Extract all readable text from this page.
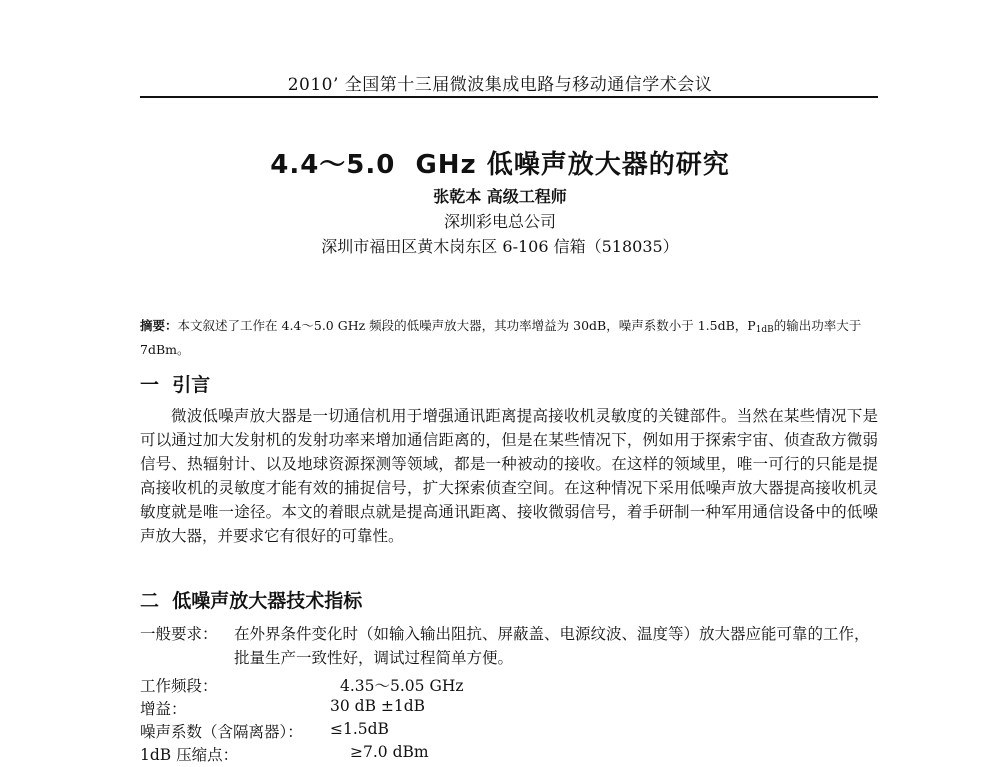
2010’ 全国第十三届微波集成电路与移动通信学术会议
4.4～5.0  GHz 低噪声放大器的研究
张乾本 高级工程师
深圳彩电总公司
深圳市福田区黄木岗东区 6-106 信箱（518035）
摘要：本文叙述了工作在 4.4～5.0 GHz 频段的低噪声放大器，其功率增益为 30dB，噪声系数小于 1.5dB，$P_{1dB}$的输出功率大于 7dBm。
一  引言
微波低噪声放大器是一切通信机用于增强通讯距离提高接收机灵敏度的关键部件。当然在某些情况下是可以通过加大发射机的发射功率来增加通信距离的，但是在某些情况下，例如用于探索宇宙、侦查敌方微弱信号、热辐射计、以及地球资源探测等领域，都是一种被动的接收。在这样的领域里，唯一可行的只能是提高接收机的灵敏度才能有效的捕捉信号，扩大探索侦查空间。在这种情况下采用低噪声放大器提高接收机灵敏度就是唯一途径。本文的着眼点就是提高通讯距离、接收微弱信号，着手研制一种军用通信设备中的低噪声放大器，并要求它有很好的可靠性。
二  低噪声放大器技术指标
一般要求： 在外界条件变化时（如输入输出阻抗、屏蔽盖、电源纹波、温度等）放大器应能可靠的工作，批量生产一致性好，调试过程简单方便。
工作频段：	4.35～5.05 GHz
增益：	30 dB ±1dB
噪声系数（含隔离器）： ≤1.5dB
1dB 压缩点：	≥7.0 dBm
